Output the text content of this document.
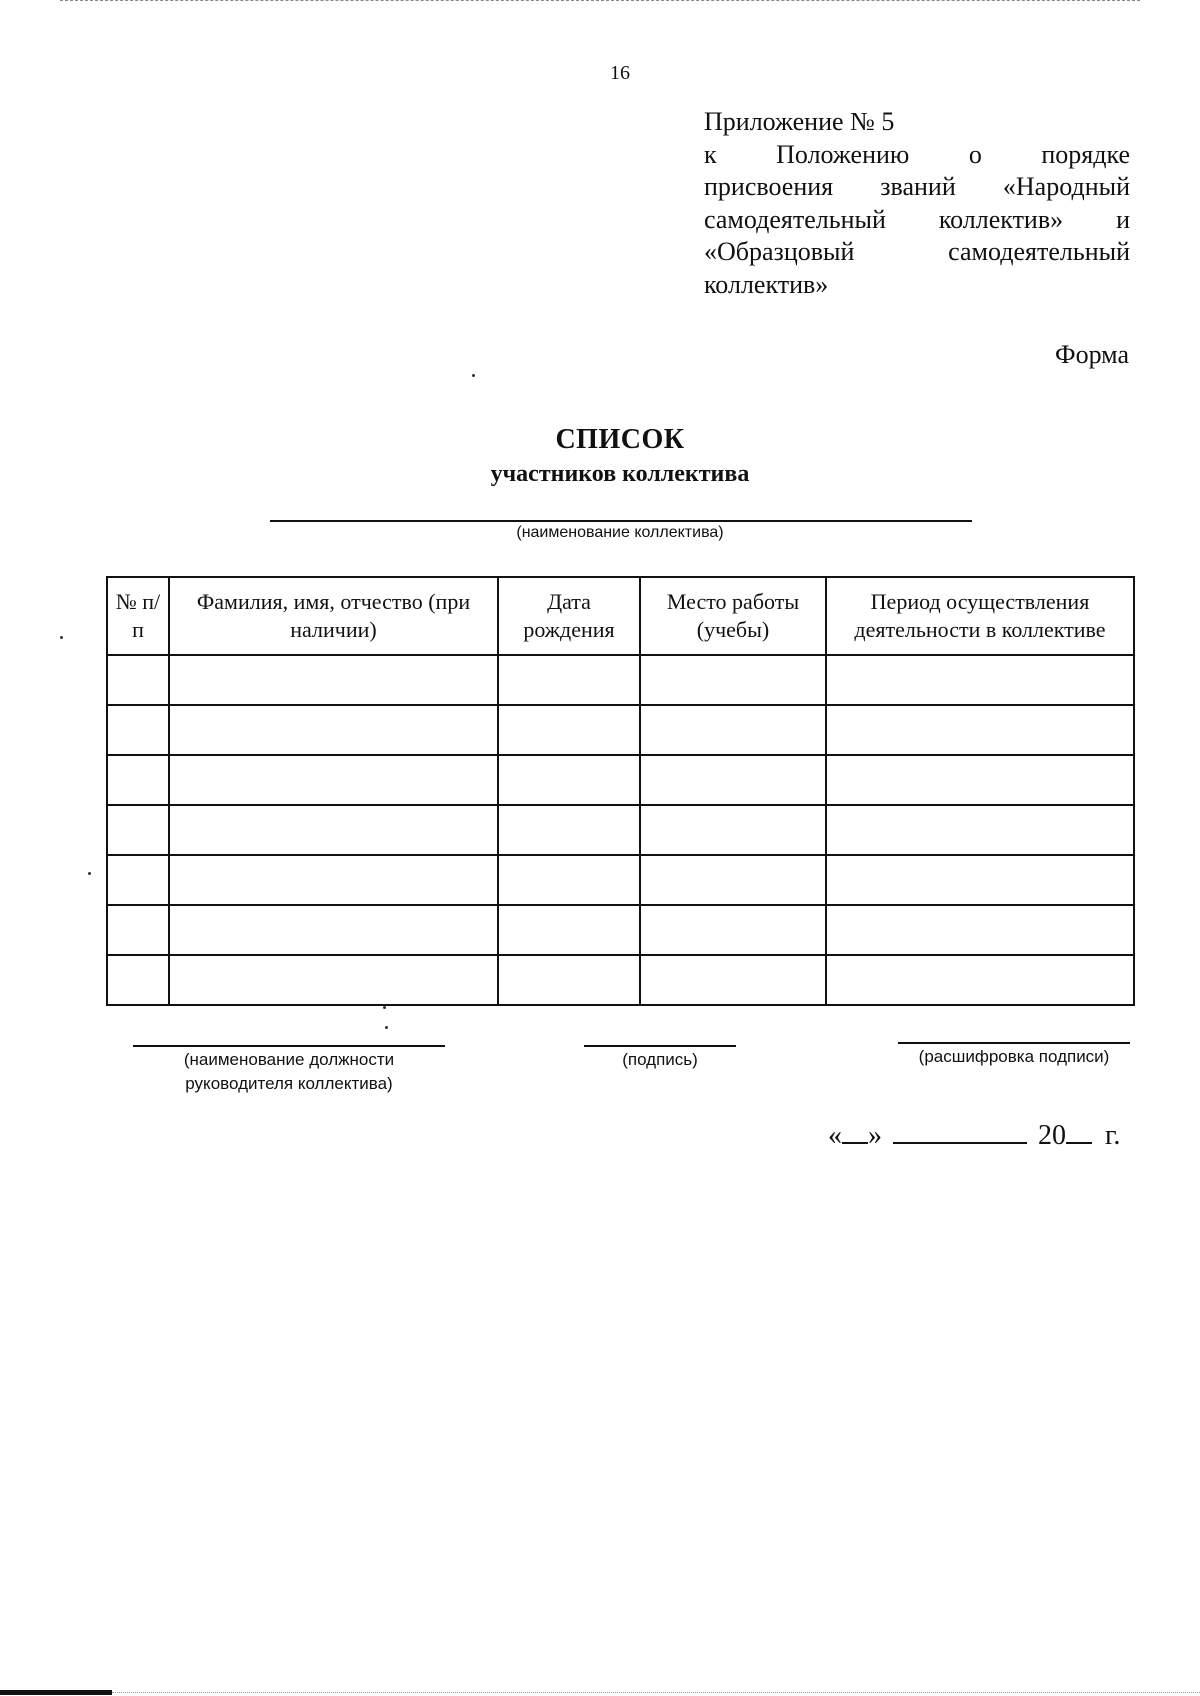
16
Приложение № 5
к Положению о порядке
присвоения званий «Народный
самодеятельный коллектив» и
«Образцовый самодеятельный
коллектив»
Форма
СПИСОК
участников коллектива
(наименование коллектива)
№ п/п	Фамилия, имя, отчество (при наличии)	Дата рождения	Место работы (учебы)	Период осуществления деятельности в коллективе

(наименование должности руководителя коллектива)
(подпись)	(расшифровка подписи)
« »	20 г.
